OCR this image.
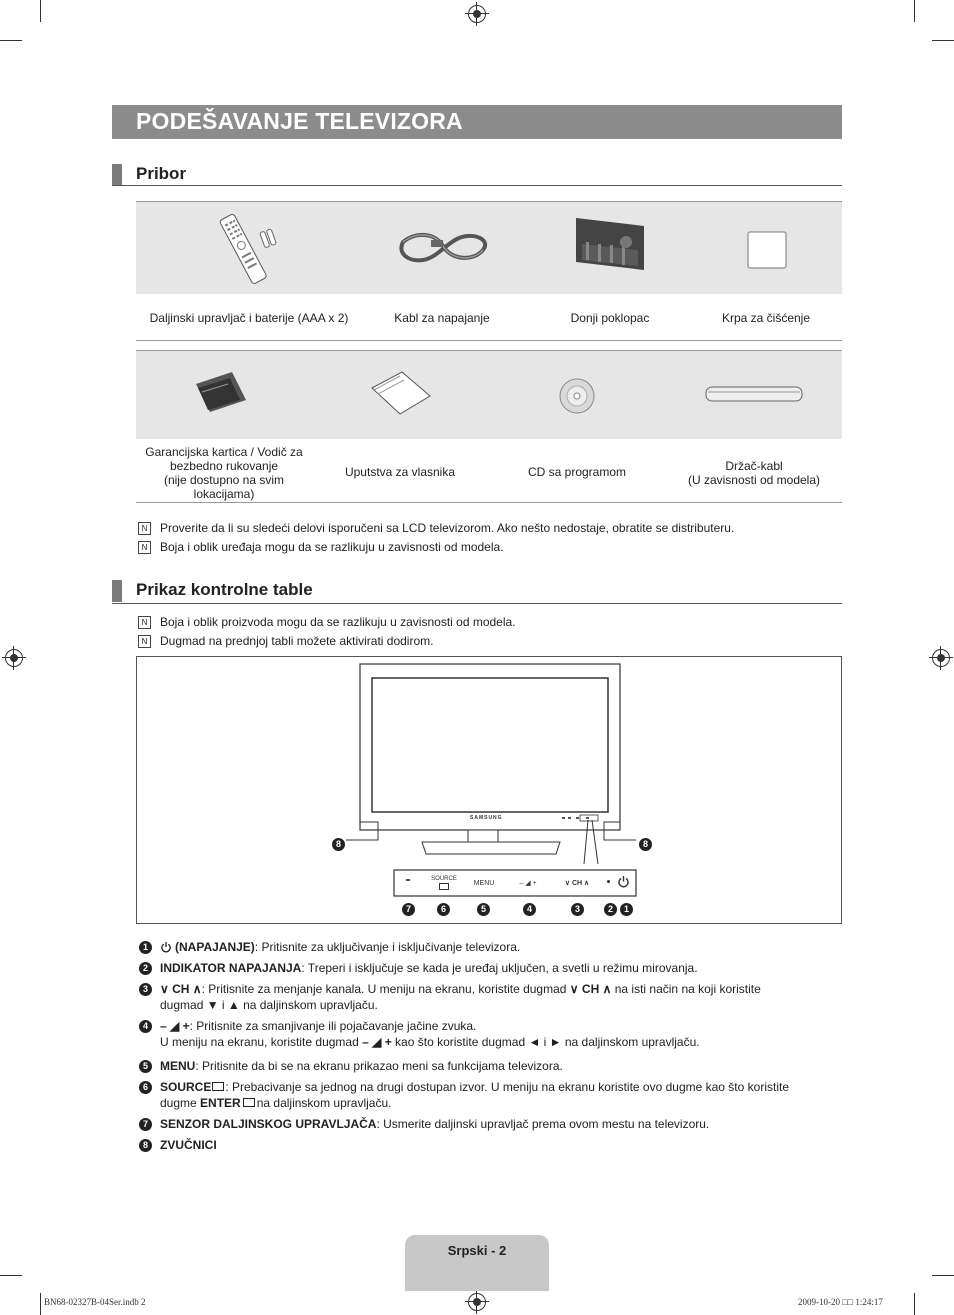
PODEŠAVANJE TELEVIZORA
Pribor
Daljinski upravljač i baterije (AAA x 2)	Kabl za napajanje	Donji poklopac	Krpa za čišćenje
Garancijska kartica / Vodič za
bezbedno rukovanje
(nije dostupno na svim
lokacijama)
Uputstva za vlasnika	CD sa programom	Držač-kabl
(U zavisnosti od modela)
N	Proverite da li su sledeći delovi isporučeni sa LCD televizorom. Ako nešto nedostaje, obratite se distributeru.
N	Boja i oblik uređaja mogu da se razlikuju u zavisnosti od modela.
Prikaz kontrolne table
N	Boja i oblik proizvoda mogu da se razlikuju u zavisnosti od modela.
N	Dugmad na prednjoj tabli možete aktivirati dodirom.
SAMSUNG
SOURCE
MENU	– ◢ +	∨ CH ∧
7	6	5	4	3	2	1
8	8
1	(NAPAJANJE): Pritisnite za uključivanje i isključivanje televizora.
2	INDIKATOR NAPAJANJA: Treperi i isključuje se kada je uređaj uključen, a svetli u režimu mirovanja.
3	∨ CH ∧: Pritisnite za menjanje kanala. U meniju na ekranu, koristite dugmad ∨ CH ∧ na isti način na koji koristite
dugmad ▼ i ▲ na daljinskom upravljaču.
4	– ◢ +: Pritisnite za smanjivanje ili pojačavanje jačine zvuka.
U meniju na ekranu, koristite dugmad – ◢ + kao što koristite dugmad ◄ i ► na daljinskom upravljaču.
5	MENU: Pritisnite da bi se na ekranu prikazao meni sa funkcijama televizora.
6	SOURCE : Prebacivanje sa jednog na drugi dostupan izvor. U meniju na ekranu koristite ovo dugme kao što koristite
dugme ENTER na daljinskom upravljaču.
7	SENZOR DALJINSKOG UPRAVLJAČA: Usmerite daljinski upravljač prema ovom mestu na televizoru.
8	ZVUČNICI
Srpski - 2
BN68-02327B-04Ser.indb 2	2009-10-20 □□ 1:24:17
